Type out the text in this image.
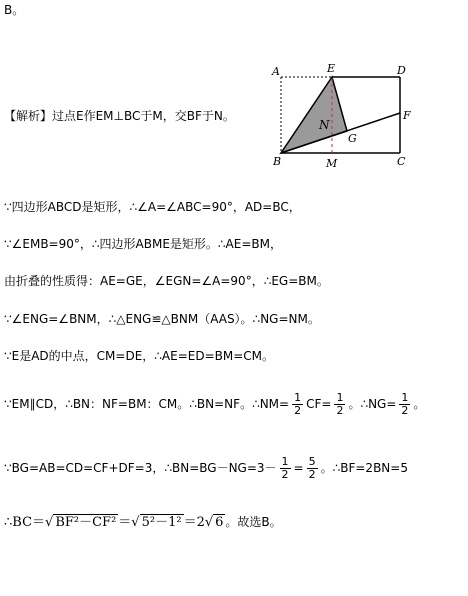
B。
【解析】过点E作EM⊥BC于M，交BF于N。
A	E	D
F
N
G
B	M	C
∵四边形ABCD是矩形，∴∠A=∠ABC=90°，AD=BC，
∵∠EMB=90°，∴四边形ABME是矩形。∴AE=BM，
由折叠的性质得：AE=GE，∠EGN=∠A=90°，∴EG=BM。
∵∠ENG=∠BNM，∴△ENG≌△BNM（AAS）。∴NG=NM。
∵E是AD的中点，CM=DE，∴AE=ED=BM=CM。
∵EM∥CD，∴BN：NF=BM：CM。∴BN=NF。∴NM= $\frac{1}{2} CF= \frac{1}{2}$ 。∴NG= $\frac{1}{2}$ 。
∵BG=AB=CD=CF+DF=3，∴BN=BG－NG=3－ $\frac{1}{2} = \frac{5}{2}$ 。∴BF=2BN=5
∴BC＝√ BF²－CF² ＝√ 5²－1² ＝2√ 6 。故选B。
